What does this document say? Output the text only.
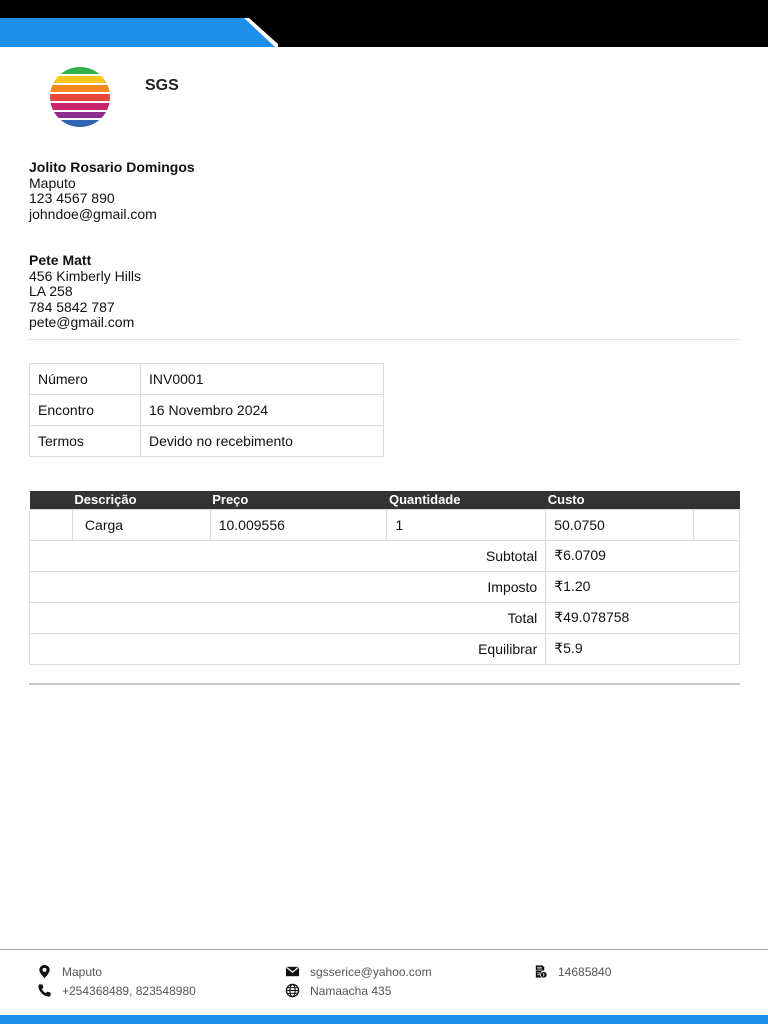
SGS
Jolito Rosario Domingos
Maputo
123 4567 890
johndoe@gmail.com
Pete Matt
456 Kimberly Hills
LA 258
784 5842 787
pete@gmail.com
Número	INV0001
Encontro	16 Novembro 2024
Termos	Devido no recebimento
	Descrição	Preço	Quantidade	Custo	
	Carga	10.009556	1	50.0750	
Subtotal				₹6.0709	
Imposto				₹1.20	
Total				₹49.078758	
Equilibrar				₹5.9	
Maputo
+254368489, 823548980
sgsserice@yahoo.com
Namaacha 435
14685840
